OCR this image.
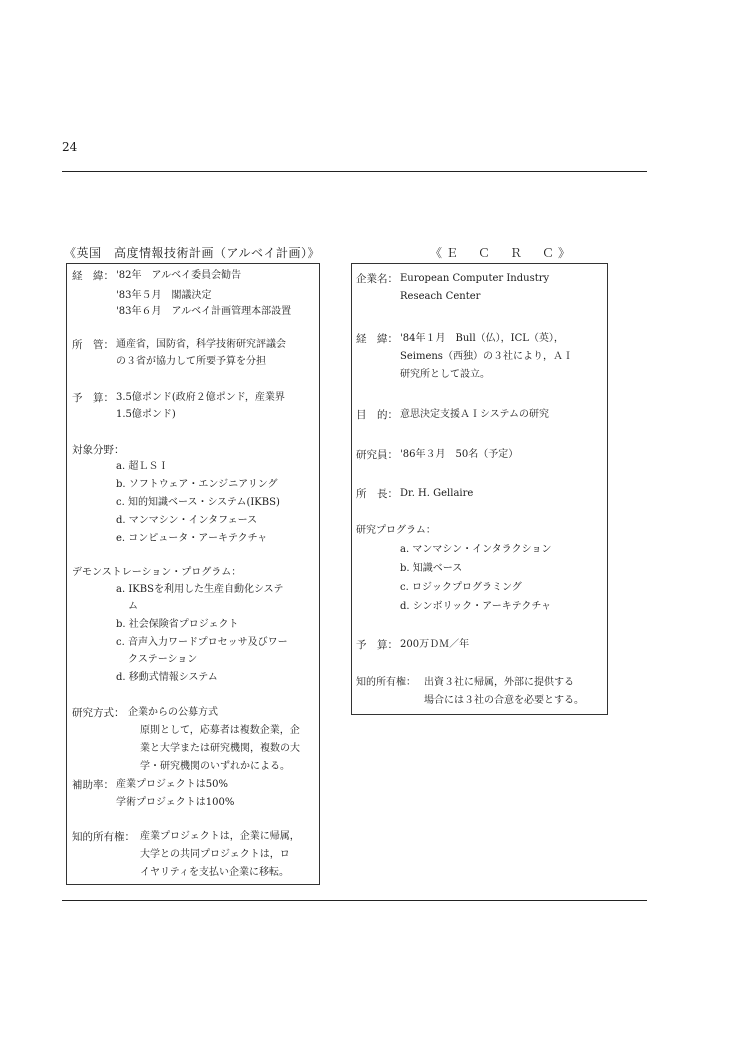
24
《英国　高度情報技術計画（アルベイ計画）》
経　緯： '82年　アルベイ委員会勧告
'83年５月　閣議決定
'83年６月　アルベイ計画管理本部設置
所　管： 通産省，国防省，科学技術研究評議会
の３省が協力して所要予算を分担
予　算： 3.5億ポンド(政府２億ポンド，産業界
1.5億ポンド)
対象分野：
a. 超ＬＳＩ
b. ソフトウェア・エンジニアリング
c. 知的知識ベース・システム(IKBS)
d. マンマシン・インタフェース
e. コンピュータ・アーキテクチャ
デモンストレーション・プログラム：
a. IKBSを利用した生産自動化システ
ム
b. 社会保険省プロジェクト
c. 音声入力ワードプロセッサ及びワー
クステーション
d. 移動式情報システム
研究方式： 企業からの公募方式
原則として，応募者は複数企業，企
業と大学または研究機関，複数の大
学・研究機関のいずれかによる。
補助率： 産業プロジェクトは50%
学術プロジェクトは100%
知的所有権： 産業プロジェクトは，企業に帰属，
大学との共同プロジェクトは，ロ
イヤリティを支払い企業に移転。
《Ｅ　Ｃ　Ｒ　Ｃ》
企業名： European Computer Industry
Reseach Center
経　緯： '84年１月　Bull（仏），ICL（英），
Seimens（西独）の３社により，ＡＩ
研究所として設立。
目　的： 意思決定支援ＡＩシステムの研究
研究員： '86年３月　50名（予定）
所　長： Dr. H. Gellaire
研究プログラム：
a. マンマシン・インタラクション
b. 知識ベース
c. ロジックプログラミング
d. シンボリック・アーキテクチャ
予　算： 200万ＤＭ／年
知的所有権： 出資３社に帰属，外部に提供する
場合には３社の合意を必要とする。
